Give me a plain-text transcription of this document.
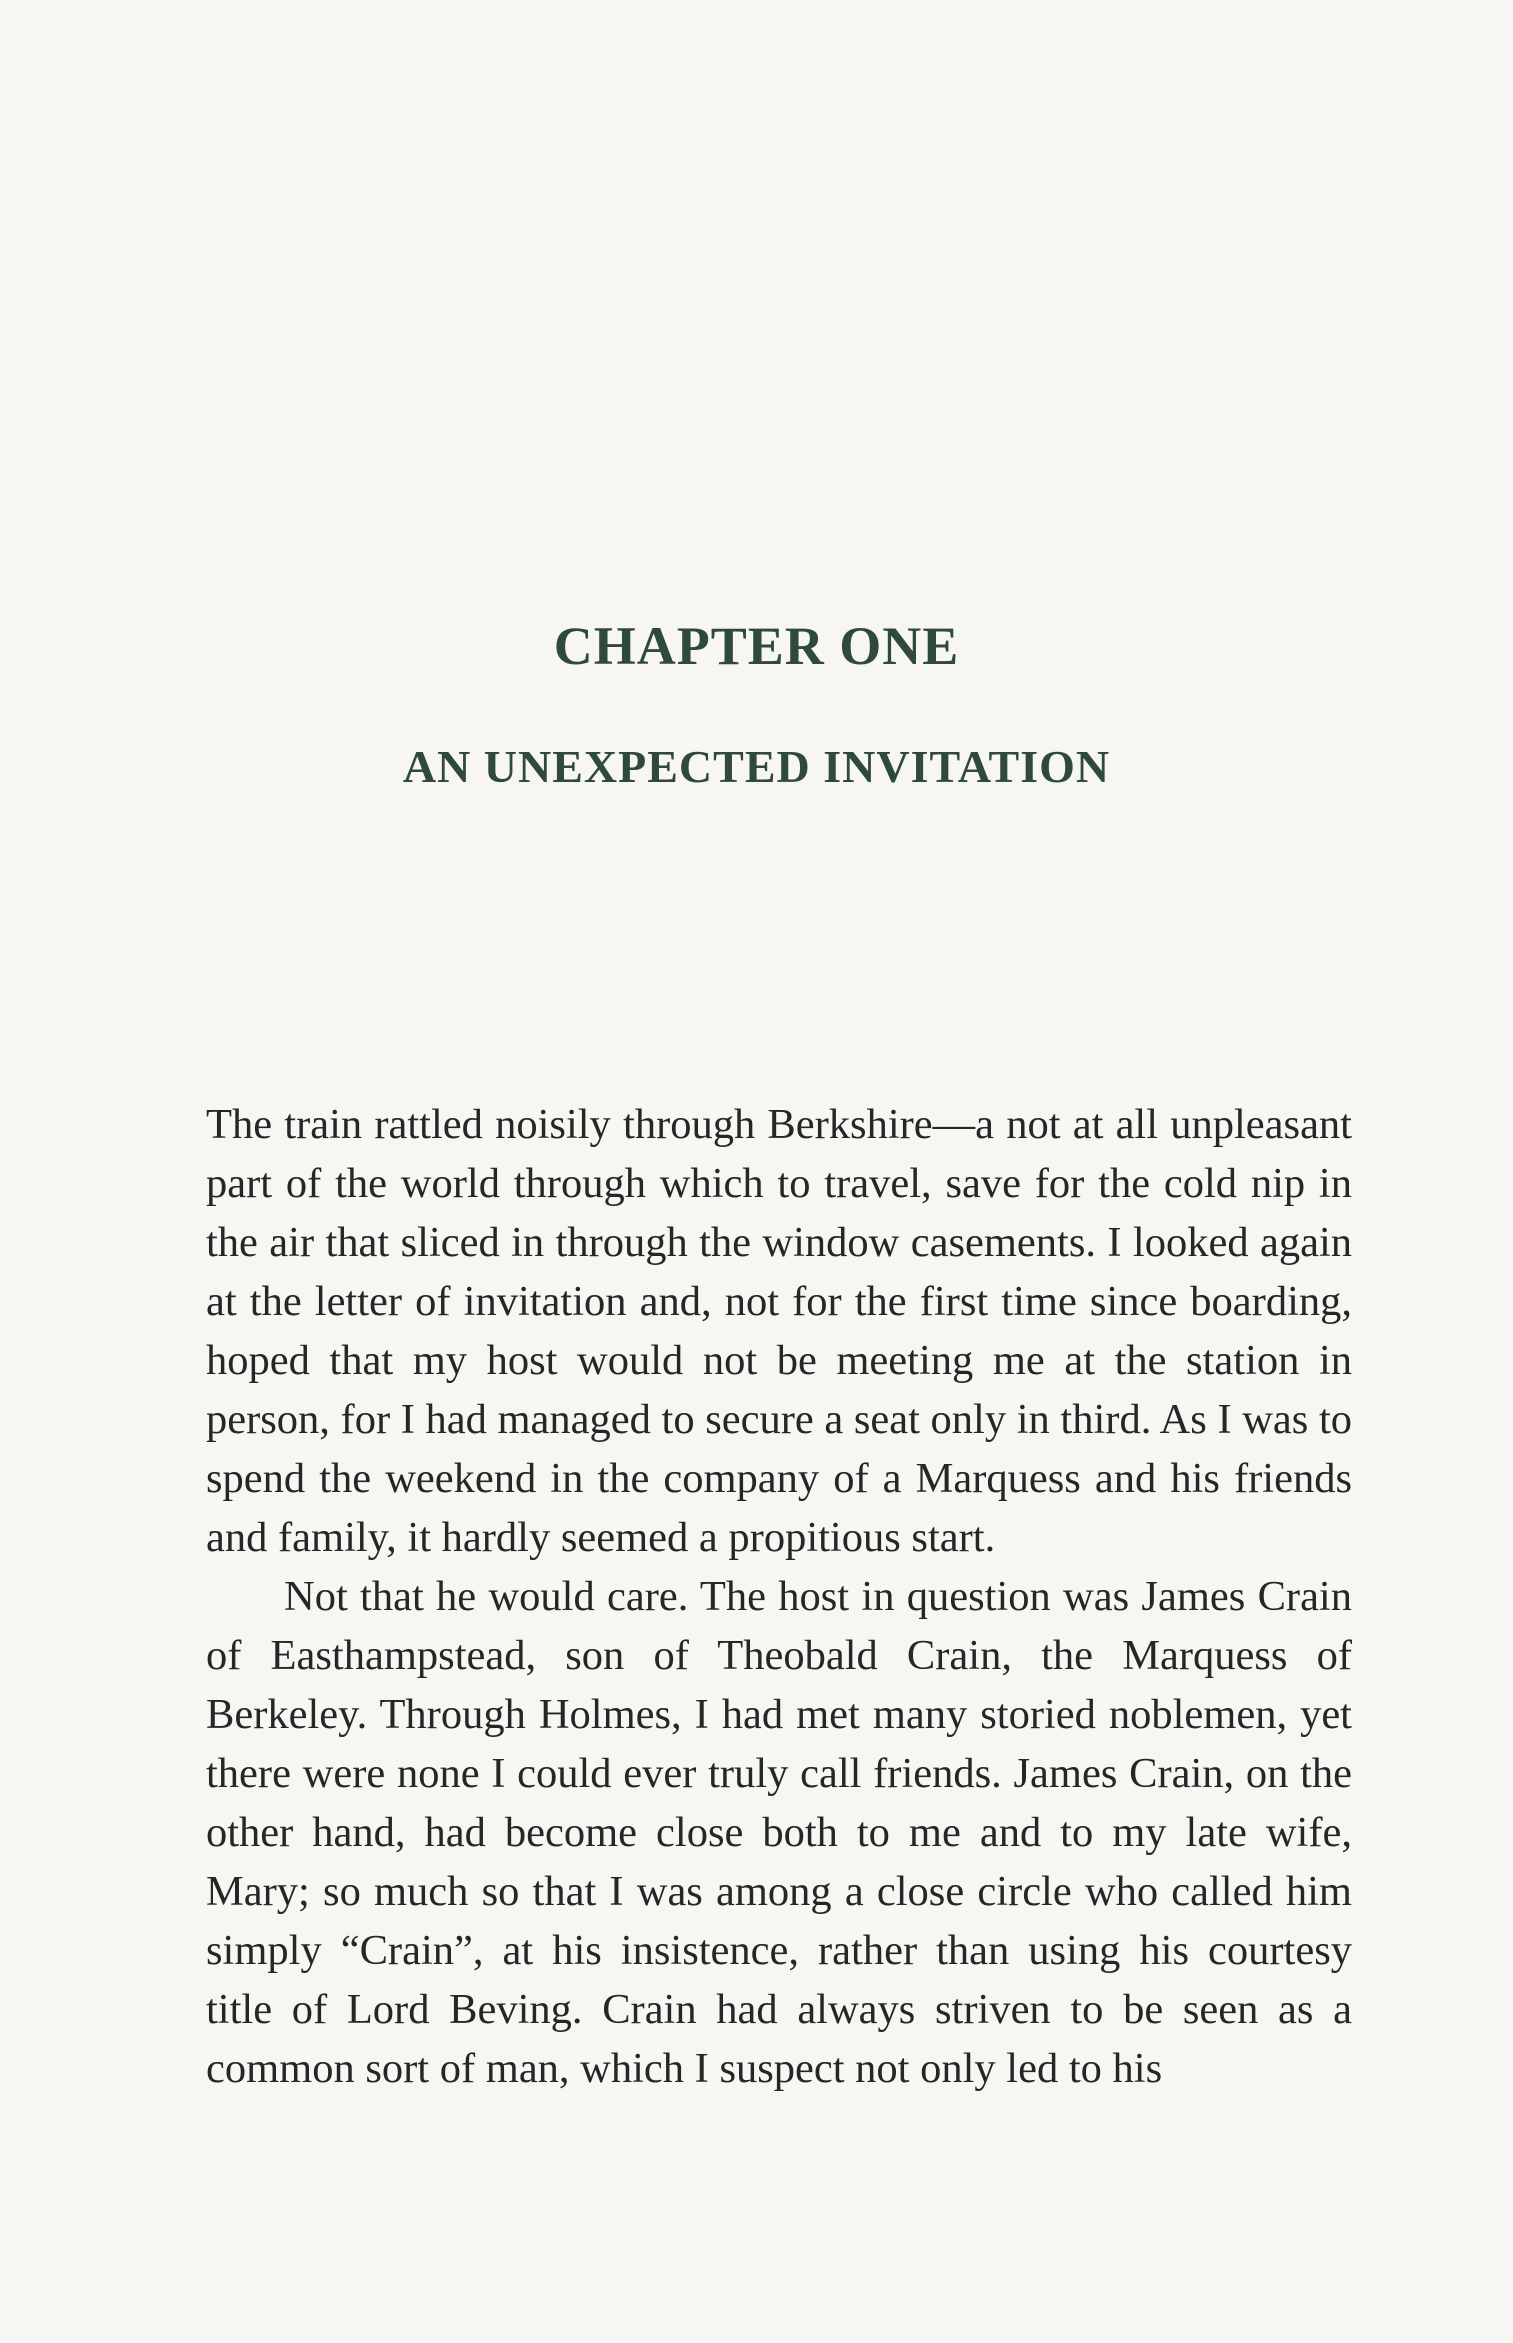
CHAPTER ONE
AN UNEXPECTED INVITATION

The train rattled noisily through Berkshire—a not at all unpleasant part of the world through which to travel, save for the cold nip in the air that sliced in through the window casements. I looked again at the letter of invitation and, not for the first time since boarding, hoped that my host would not be meeting me at the station in person, for I had managed to secure a seat only in third. As I was to spend the weekend in the company of a Marquess and his friends and family, it hardly seemed a propitious start.

Not that he would care. The host in question was James Crain of Easthampstead, son of Theobald Crain, the Marquess of Berkeley. Through Holmes, I had met many storied noblemen, yet there were none I could ever truly call friends. James Crain, on the other hand, had become close both to me and to my late wife, Mary; so much so that I was among a close circle who called him simply “Crain”, at his insistence, rather than using his courtesy title of Lord Beving. Crain had always striven to be seen as a common sort of man, which I suspect not only led to his
